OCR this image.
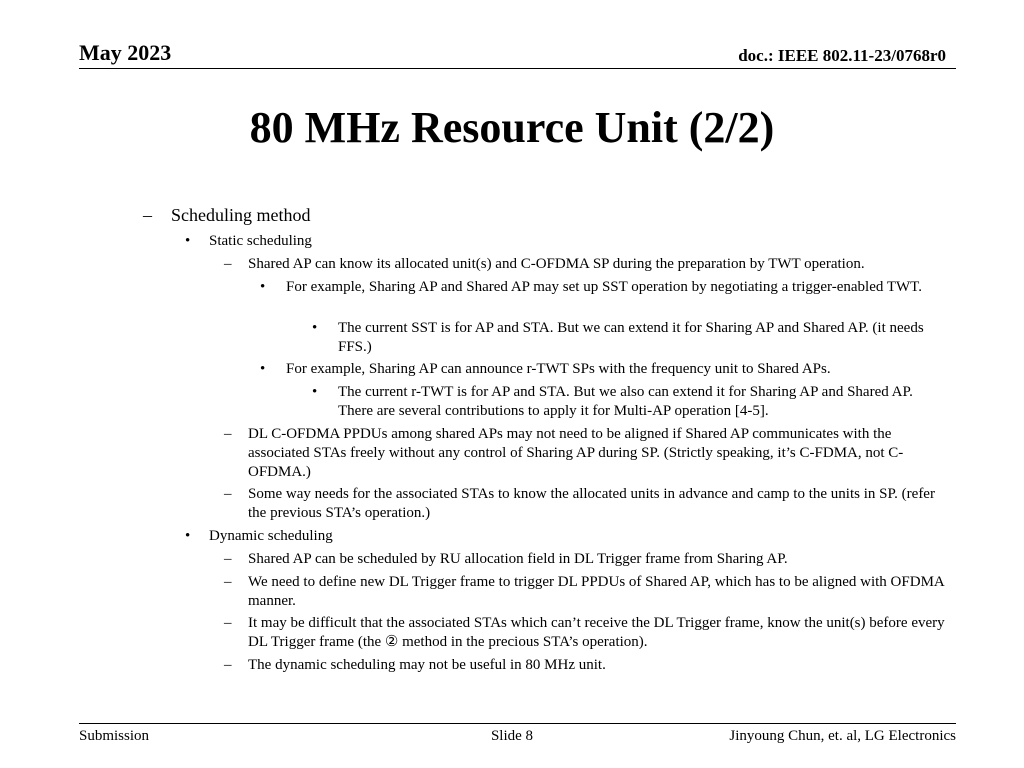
May 2023	doc.: IEEE 802.11-23/0768r0
80 MHz Resource Unit (2/2)
– Scheduling method
• Static scheduling
– Shared AP can know its allocated unit(s) and C-OFDMA SP during the preparation by TWT operation.
• For example, Sharing AP and Shared AP may set up SST operation by negotiating a trigger-enabled TWT.
• The current SST is for AP and STA. But we can extend it for Sharing AP and Shared AP. (it needs FFS.)
• For example, Sharing AP can announce r-TWT SPs with the frequency unit to Shared APs.
• The current r-TWT is for AP and STA. But we also can extend it for Sharing AP and Shared AP. There are several contributions to apply it for Multi-AP operation [4-5].
– DL C-OFDMA PPDUs among shared APs may not need to be aligned if Shared AP communicates with the associated STAs freely without any control of Sharing AP during SP. (Strictly speaking, it’s C-FDMA, not C-OFDMA.)
– Some way needs for the associated STAs to know the allocated units in advance and camp to the units in SP. (refer the previous STA’s operation.)
• Dynamic scheduling
– Shared AP can be scheduled by RU allocation field in DL Trigger frame from Sharing AP.
– We need to define new DL Trigger frame to trigger DL PPDUs of Shared AP, which has to be aligned with OFDMA manner.
– It may be difficult that the associated STAs which can’t receive the DL Trigger frame, know the unit(s) before every DL Trigger frame (the ② method in the precious STA’s operation).
– The dynamic scheduling may not be useful in 80 MHz unit.
Submission	Slide 8	Jinyoung Chun, et. al, LG Electronics
